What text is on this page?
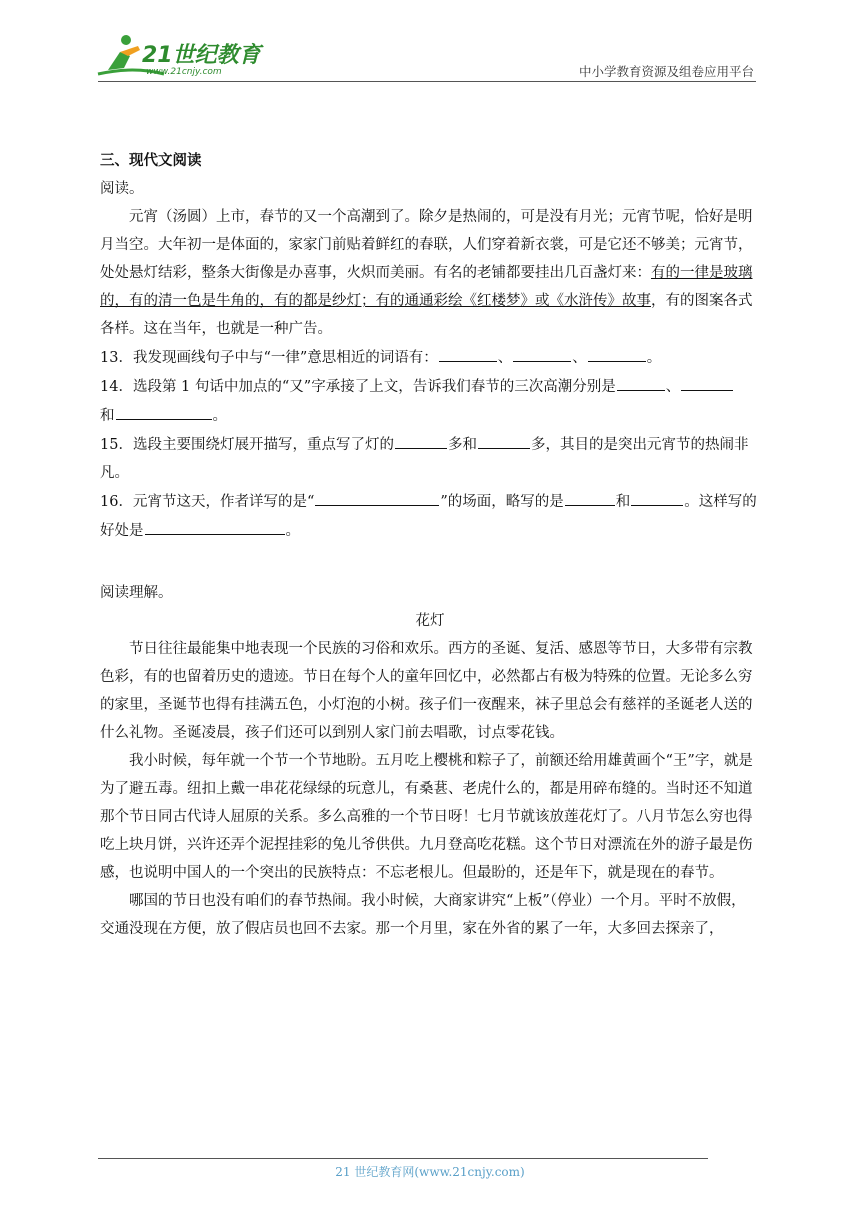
21世纪教育
www.21cnjy.com	中小学教育资源及组卷应用平台

三、现代文阅读

阅读。

元宵（汤圆）上市，春节的又一个高潮到了。除夕是热闹的，可是没有月光；元宵节呢，恰好是明月当空。大年初一是体面的，家家门前贴着鲜红的春联，人们穿着新衣裳，可是它还不够美；元宵节，处处悬灯结彩，整条大街像是办喜事，火炽而美丽。有名的老铺都要挂出几百盏灯来：有的一律是玻璃的，有的清一色是牛角的，有的都是纱灯；有的通通彩绘《红楼梦》或《水浒传》故事，有的图案各式各样。这在当年，也就是一种广告。

13．我发现画线句子中与“一律”意思相近的词语有：	、	、	。

14．选段第 1 句话中加点的“又”字承接了上文，告诉我们春节的三次高潮分别是	、
和	。

15．选段主要围绕灯展开描写，重点写了灯的	多和	多，其目的是突出元宵节的热闹非凡。

16．元宵节这天，作者详写的是“	”的场面，略写的是	和	。这样写的好处是	。

阅读理解。

花灯

节日往往最能集中地表现一个民族的习俗和欢乐。西方的圣诞、复活、感恩等节日，大多带有宗教色彩，有的也留着历史的遗迹。节日在每个人的童年回忆中，必然都占有极为特殊的位置。无论多么穷的家里，圣诞节也得有挂满五色，小灯泡的小树。孩子们一夜醒来，袜子里总会有慈祥的圣诞老人送的什么礼物。圣诞凌晨，孩子们还可以到别人家门前去唱歌，讨点零花钱。

我小时候，每年就一个节一个节地盼。五月吃上樱桃和粽子了，前额还给用雄黄画个“王”字，就是为了避五毒。纽扣上戴一串花花绿绿的玩意儿，有桑葚、老虎什么的，都是用碎布缝的。当时还不知道那个节日同古代诗人屈原的关系。多么高雅的一个节日呀！七月节就该放莲花灯了。八月节怎么穷也得吃上块月饼，兴许还弄个泥捏挂彩的兔儿爷供供。九月登高吃花糕。这个节日对漂流在外的游子最是伤感，也说明中国人的一个突出的民族特点：不忘老根儿。但最盼的，还是年下，就是现在的春节。

哪国的节日也没有咱们的春节热闹。我小时候，大商家讲究“上板”（停业）一个月。平时不放假，交通没现在方便，放了假店员也回不去家。那一个月里，家在外省的累了一年，大多回去探亲了，

21 世纪教育网(www.21cnjy.com)
